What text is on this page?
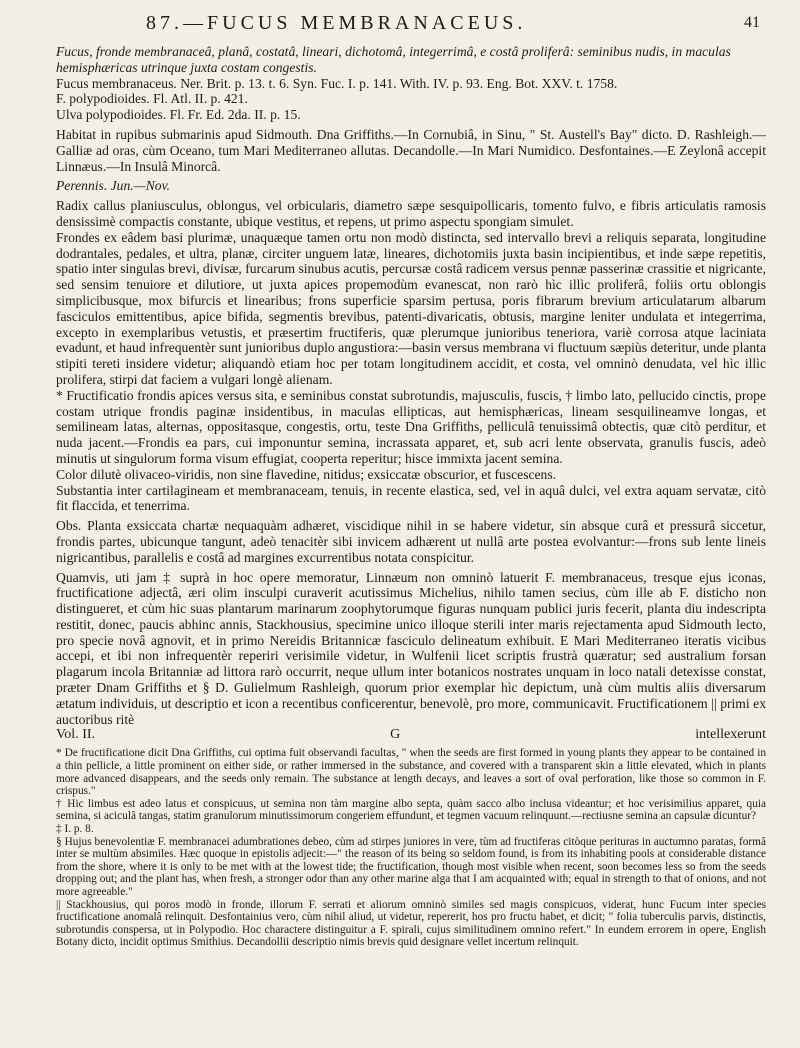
87.—FUCUS MEMBRANACEUS.	41

Fucus, fronde membranaceâ, planâ, costatâ, lineari, dichotomâ, integerrimâ, e costâ proliferâ: seminibus nudis, in maculas hemisphæricas utrinque juxta costam congestis.

Fucus membranaceus. Ner. Brit. p. 13. t. 6. Syn. Fuc. I. p. 141. With. IV. p. 93. Eng. Bot. XXV. t. 1758.

F. polypodioides. Fl. Atl. II. p. 421.

Ulva polypodioides. Fl. Fr. Ed. 2da. II. p. 15.

Habitat in rupibus submarinis apud Sidmouth. Dna Griffiths.—In Cornubiâ, in Sinu, " St. Austell's Bay" dicto. D. Rashleigh.—Galliæ ad oras, cùm Oceano, tum Mari Mediterraneo allutas. Decandolle.—In Mari Numidico. Desfontaines.—E Zeylonâ accepit Linnæus.—In Insulâ Minorcâ.

Perennis. Jun.—Nov.

Radix callus planiusculus, oblongus, vel orbicularis, diametro sæpe sesquipollicaris, tomento fulvo, e fibris articulatis ramosis densissimè compactis constante, ubique vestitus, et repens, ut primo aspectu spongiam simulet.

Frondes ex eâdem basi plurimæ, unaquæque tamen ortu non modò distincta, sed intervallo brevi a reliquis separata, longitudine dodrantales, pedales, et ultra, planæ, circiter unguem latæ, lineares, dichotomiis juxta basin incipientibus, et inde sæpe repetitis, spatio inter singulas brevi, divisæ, furcarum sinubus acutis, percursæ costâ radicem versus pennæ passerinæ crassitie et nigricante, sed sensim tenuiore et dilutiore, ut juxta apices propemodùm evanescat, non rarò hìc illìc proliferâ, foliis ortu oblongis simplicibusque, mox bifurcis et linearibus; frons superficie sparsim pertusa, poris fibrarum brevium articulatarum albarum fasciculos emittentibus, apice bifida, segmentis brevibus, patenti-divaricatis, obtusis, margine leniter undulata et integerrima, excepto in exemplaribus vetustis, et præsertim fructiferis, quæ plerumque junioribus teneriora, variè corrosa atque laciniata evadunt, et haud infrequentèr sunt junioribus duplo angustiora:—basin versus membrana vi fluctuum sæpiùs deteritur, unde planta stipiti tereti insidere videtur; aliquandò etiam hoc per totam longitudinem accidit, et costa, vel omninò denudata, vel hìc illìc prolifera, stirpi dat faciem a vulgari longè alienam.

* Fructificatio frondis apices versus sita, e seminibus constat subrotundis, majusculis, fuscis, † limbo lato, pellucido cinctis, prope costam utrique frondis paginæ insidentibus, in maculas ellipticas, aut hemisphæricas, lineam sesquilineamve longas, et semilineam latas, alternas, oppositasque, congestis, ortu, teste Dna Griffiths, pelliculâ tenuissimâ obtectis, quæ citò perditur, et nuda jacent.—Frondis ea pars, cui imponuntur semina, incrassata apparet, et, sub acri lente observata, granulis fuscis, adeò minutis ut singulorum forma visum effugiat, cooperta reperitur; hisce immixta jacent semina.

Color dilutè olivaceo-viridis, non sine flavedine, nitidus; exsiccatæ obscurior, et fuscescens.

Substantia inter cartilagineam et membranaceam, tenuis, in recente elastica, sed, vel in aquâ dulci, vel extra aquam servatæ, citò fit flaccida, et tenerrima.

Obs. Planta exsiccata chartæ nequaquàm adhæret, viscidique nihil in se habere videtur, sin absque curâ et pressurâ siccetur, frondis partes, ubicunque tangunt, adeò tenacitèr sibi invicem adhærent ut nullâ arte postea evolvantur:—frons sub lente lineis nigricantibus, parallelis e costâ ad margines excurrentibus notata conspicitur.

Quamvis, uti jam ‡ suprà in hoc opere memoratur, Linnæum non omninò latuerit F. membranaceus, tresque ejus iconas, fructificatione adjectâ, æri olim insculpi curaverit acutissimus Michelius, nihilo tamen secius, cùm ille ab F. disticho non distingueret, et cùm hic suas plantarum marinarum zoophytorumque figuras nunquam publici juris fecerit, planta diu indescripta restitit, donec, paucis abhinc annis, Stackhousius, specimine unico illoque sterili inter maris rejectamenta apud Sidmouth lecto, pro specie novâ agnovit, et in primo Nereidis Britannicæ fasciculo delineatum exhibuit. E Mari Mediterraneo iteratis vicibus accepi, et ibi non infrequentèr reperiri verisimile videtur, in Wulfenii licet scriptis frustrà quæratur; sed australium forsan plagarum incola Britanniæ ad littora rarò occurrit, neque ullum inter botanicos nostrates unquam in loco natali detexisse constat, præter Dnam Griffiths et § D. Gulielmum Rashleigh, quorum prior exemplar hìc depictum, unà cùm multis aliis diversarum ætatum individuis, ut descriptio et icon a recentibus conficerentur, benevolè, pro more, communicavit. Fructificationem || primi ex auctoribus ritè

Vol. II.	G	intellexerunt

* De fructificatione dicit Dna Griffiths, cui optima fuit observandi facultas, " when the seeds are first formed in young plants they appear to be contained in a thin pellicle, a little prominent on either side, or rather immersed in the substance, and covered with a transparent skin a little elevated, which in plants more advanced disappears, and the seeds only remain. The substance at length decays, and leaves a sort of oval perforation, like those so common in F. crispus."

† Hic limbus est adeo latus et conspicuus, ut semina non tàm margine albo septa, quàm sacco albo inclusa videantur; et hoc verisimilius apparet, quia semina, si aciculâ tangas, statim granulorum minutissimorum congeriem effundunt, et tegmen vacuum relinquunt.—rectiusne semina an capsulæ dicuntur?

‡ I. p. 8.

§ Hujus benevolentiæ F. membranacei adumbrationes debeo, cùm ad stirpes juniores in vere, tùm ad fructiferas citòque perituras in auctumno paratas, formâ inter se multùm absimiles. Hæc quoque in epistolis adjecit:—" the reason of its being so seldom found, is from its inhabiting pools at considerable distance from the shore, where it is only to be met with at the lowest tide; the fructification, though most visible when recent, soon becomes less so from the seeds dropping out; and the plant has, when fresh, a stronger odor than any other marine alga that I am acquainted with; equal in strength to that of onions, and not more agreeable."

|| Stackhousius, qui poros modò in fronde, illorum F. serrati et aliorum omninò similes sed magis conspicuos, viderat, hunc Fucum inter species fructificatione anomalâ relinquit. Desfontainius vero, cùm nihil aliud, ut videtur, repererit, hos pro fructu habet, et dicit; " folia tuberculis parvis, distinctis, subrotundis conspersa, ut in Polypodio. Hoc charactere distinguitur a F. spirali, cujus similitudinem omnino refert." In eundem errorem in opere, English Botany dicto, incidit optimus Smithius. Decandollii descriptio nimis brevis quid designare vellet incertum relinquit.
